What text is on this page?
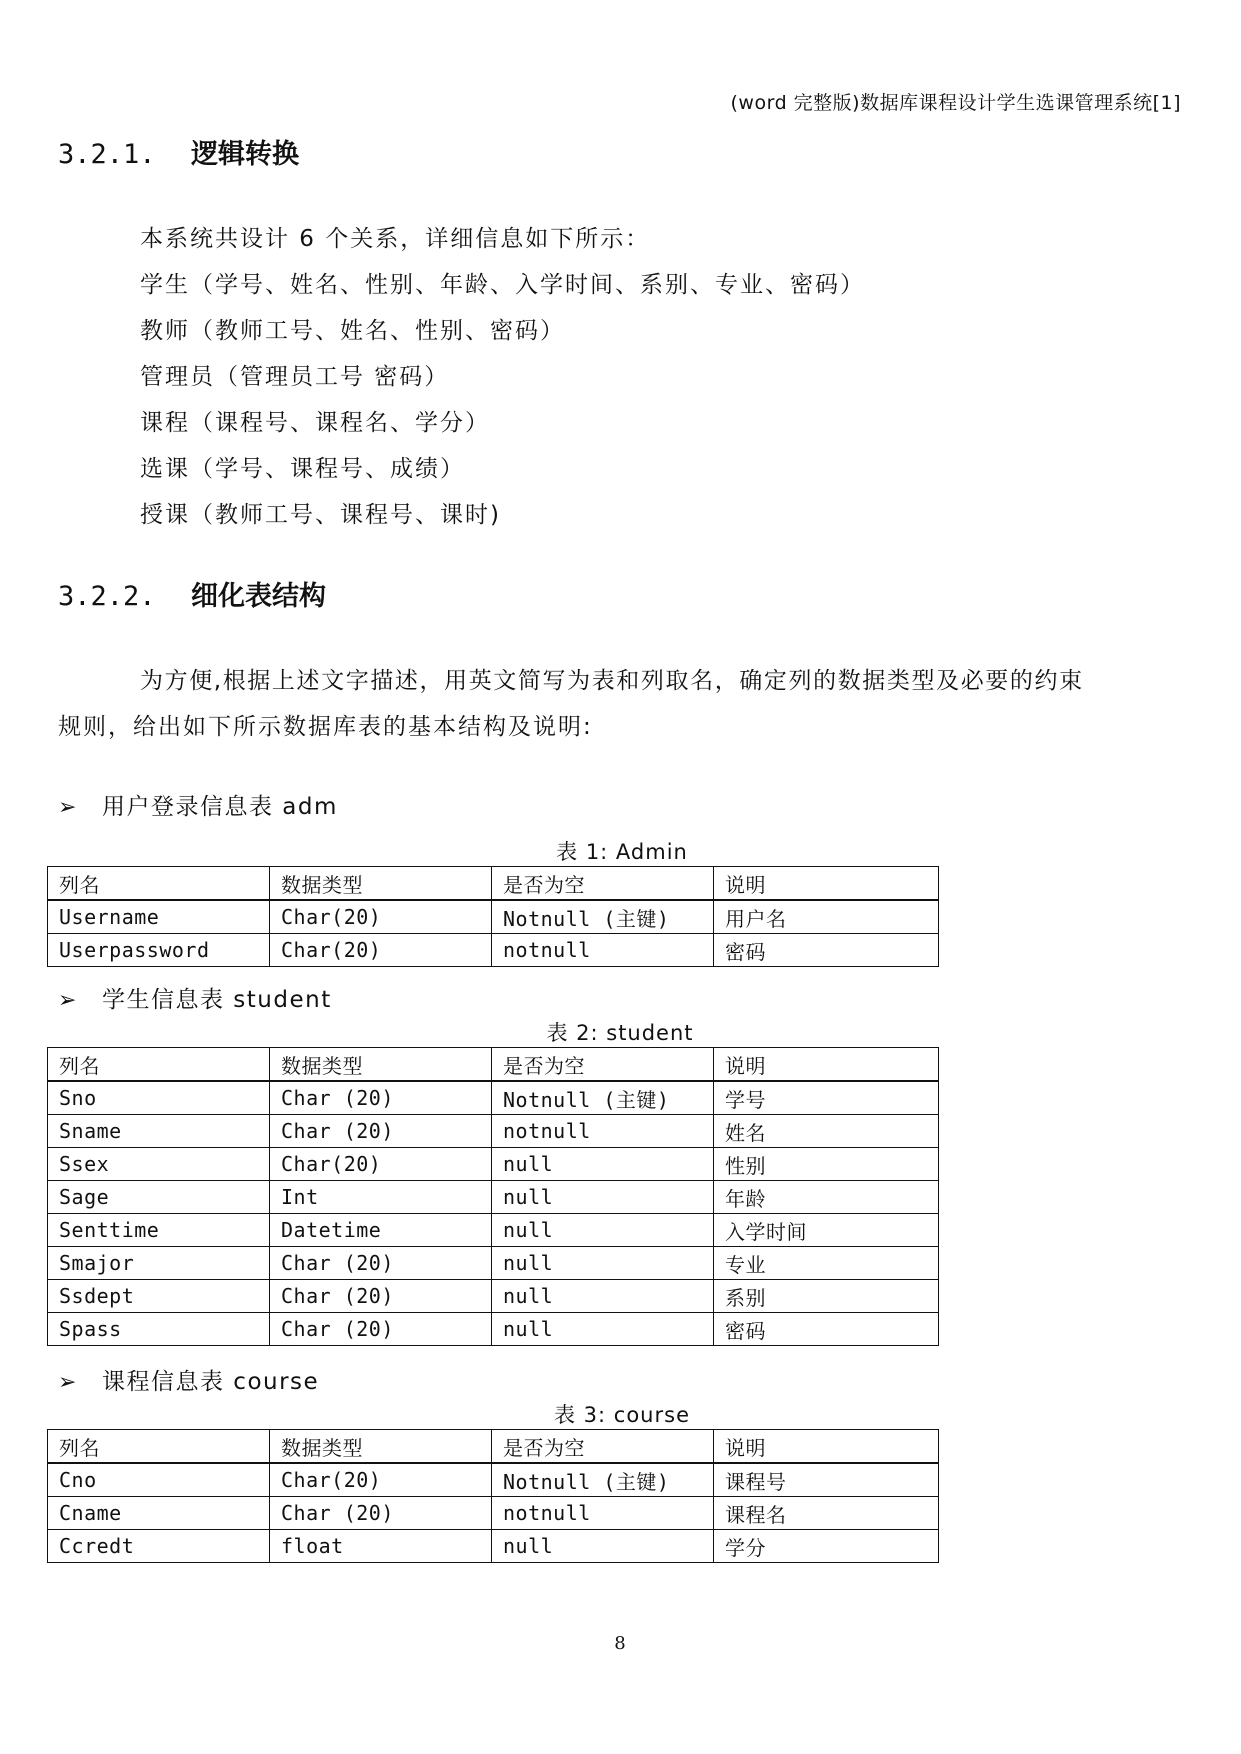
(word 完整版)数据库课程设计学生选课管理系统[1]
3.2.1. 逻辑转换
本系统共设计 6 个关系，详细信息如下所示：
学生（学号、姓名、性别、年龄、入学时间、系别、专业、密码）
教师（教师工号、姓名、性别、密码）
管理员（管理员工号 密码）
课程（课程号、课程名、学分）
选课（学号、课程号、成绩）
授课（教师工号、课程号、课时)
3.2.2. 细化表结构
为方便,根据上述文字描述，用英文简写为表和列取名，确定列的数据类型及必要的约束
规则，给出如下所示数据库表的基本结构及说明:
➢ 用户登录信息表 adm
表 1: Admin
列名	数据类型	是否为空	说明
Username	Char(20)	Notnull (主键)	用户名
Userpassword	Char(20)	notnull	密码
➢ 学生信息表 student
表 2: student
列名	数据类型	是否为空	说明
Sno	Char (20)	Notnull (主键)	学号
Sname	Char (20)	notnull	姓名
Ssex	Char(20)	null	性别
Sage	Int	null	年龄
Senttime	Datetime	null	入学时间
Smajor	Char (20)	null	专业
Ssdept	Char (20)	null	系别
Spass	Char (20)	null	密码
➢ 课程信息表 course
表 3: course
列名	数据类型	是否为空	说明
Cno	Char(20)	Notnull (主键)	课程号
Cname	Char (20)	notnull	课程名
Ccredt	float	null	学分
8
